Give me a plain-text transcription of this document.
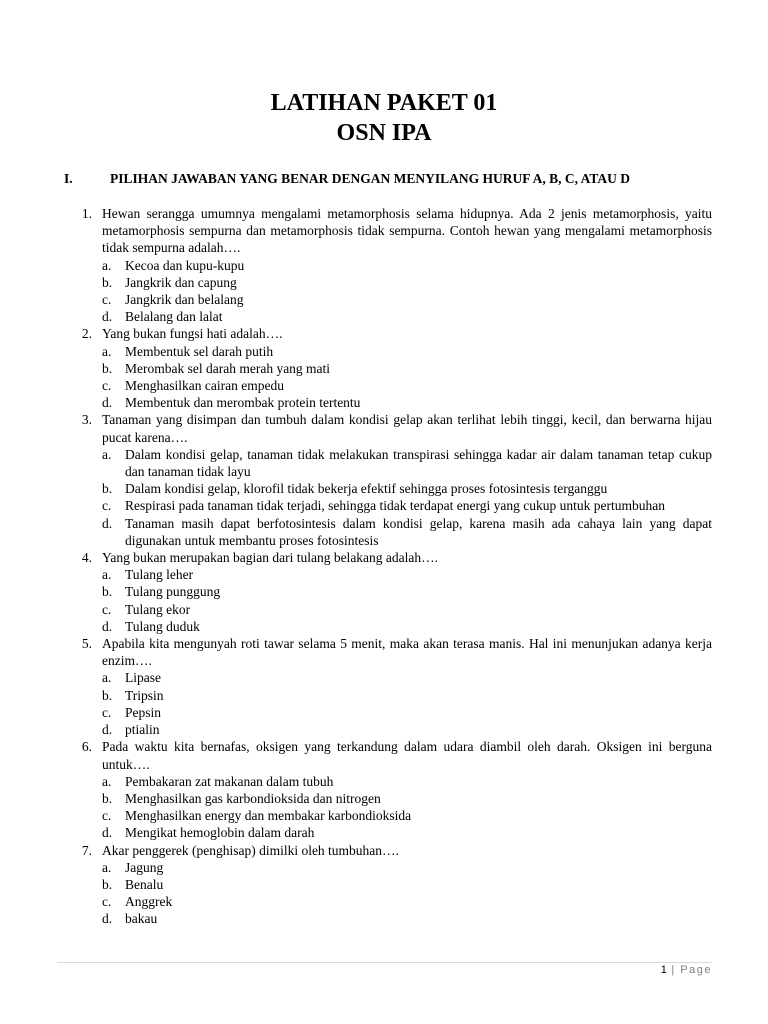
LATIHAN PAKET 01
OSN IPA
I.	PILIHAN JAWABAN YANG BENAR DENGAN MENYILANG HURUF A, B, C, ATAU D
1. Hewan serangga umumnya mengalami metamorphosis selama hidupnya. Ada 2 jenis metamorphosis, yaitu metamorphosis sempurna dan metamorphosis tidak sempurna. Contoh hewan yang mengalami metamorphosis tidak sempurna adalah….
a. Kecoa dan kupu-kupu
b. Jangkrik dan capung
c. Jangkrik dan belalang
d. Belalang dan lalat
2. Yang bukan fungsi hati adalah….
a. Membentuk sel darah putih
b. Merombak sel darah merah yang mati
c. Menghasilkan cairan empedu
d. Membentuk dan merombak protein tertentu
3. Tanaman yang disimpan dan tumbuh dalam kondisi gelap akan terlihat lebih tinggi, kecil, dan berwarna hijau pucat karena….
a. Dalam kondisi gelap, tanaman tidak melakukan transpirasi sehingga kadar air dalam tanaman tetap cukup dan tanaman tidak layu
b. Dalam kondisi gelap, klorofil tidak bekerja efektif sehingga proses fotosintesis terganggu
c. Respirasi pada tanaman tidak terjadi, sehingga tidak terdapat energi yang cukup untuk pertumbuhan
d. Tanaman masih dapat berfotosintesis dalam kondisi gelap, karena masih ada cahaya lain yang dapat digunakan untuk membantu proses fotosintesis
4. Yang bukan merupakan bagian dari tulang belakang adalah….
a. Tulang leher
b. Tulang punggung
c. Tulang ekor
d. Tulang duduk
5. Apabila kita mengunyah roti tawar selama 5 menit, maka akan terasa manis. Hal ini menunjukan adanya kerja enzim….
a. Lipase
b. Tripsin
c. Pepsin
d. ptialin
6. Pada waktu kita bernafas, oksigen yang terkandung dalam udara diambil oleh darah. Oksigen ini berguna untuk….
a. Pembakaran zat makanan dalam tubuh
b. Menghasilkan gas karbondioksida dan nitrogen
c. Menghasilkan energy dan membakar karbondioksida
d. Mengikat hemoglobin dalam darah
7. Akar penggerek (penghisap) dimilki oleh tumbuhan….
a. Jagung
b. Benalu
c. Anggrek
d. bakau
1 | Page
